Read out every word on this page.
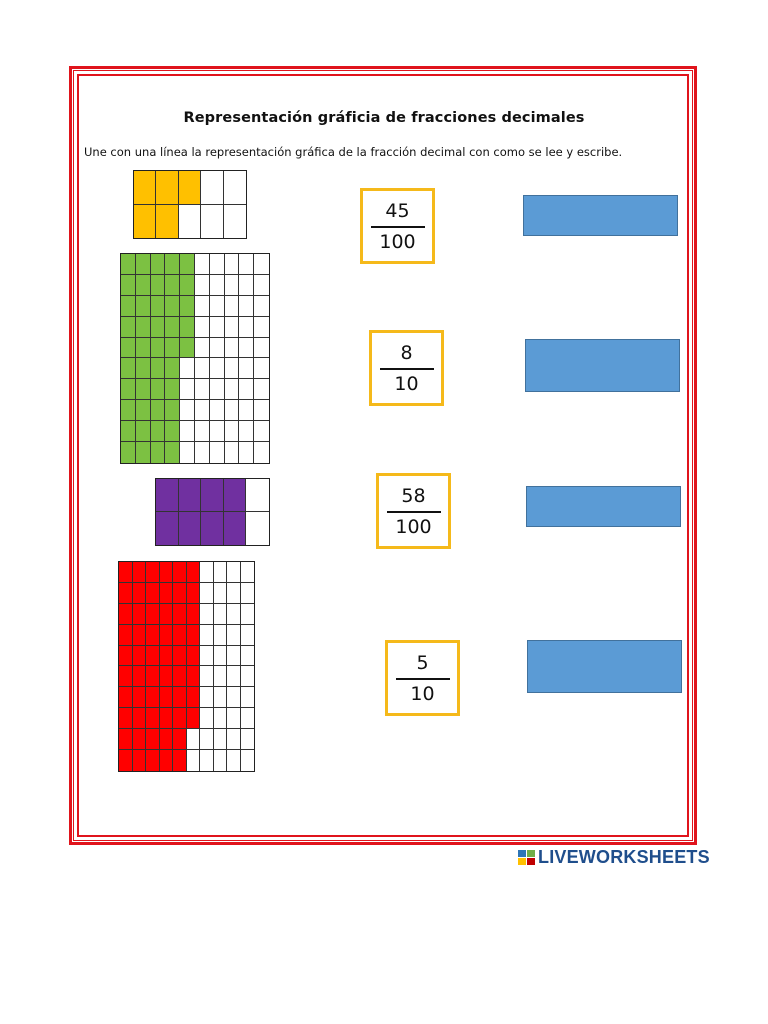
Representación gráficia de fracciones decimales
Une con una línea la representación gráfica de la fracción decimal con como se lee y escribe.
45
100
8
10
58
100
5
10
LIVEWORKSHEETS
